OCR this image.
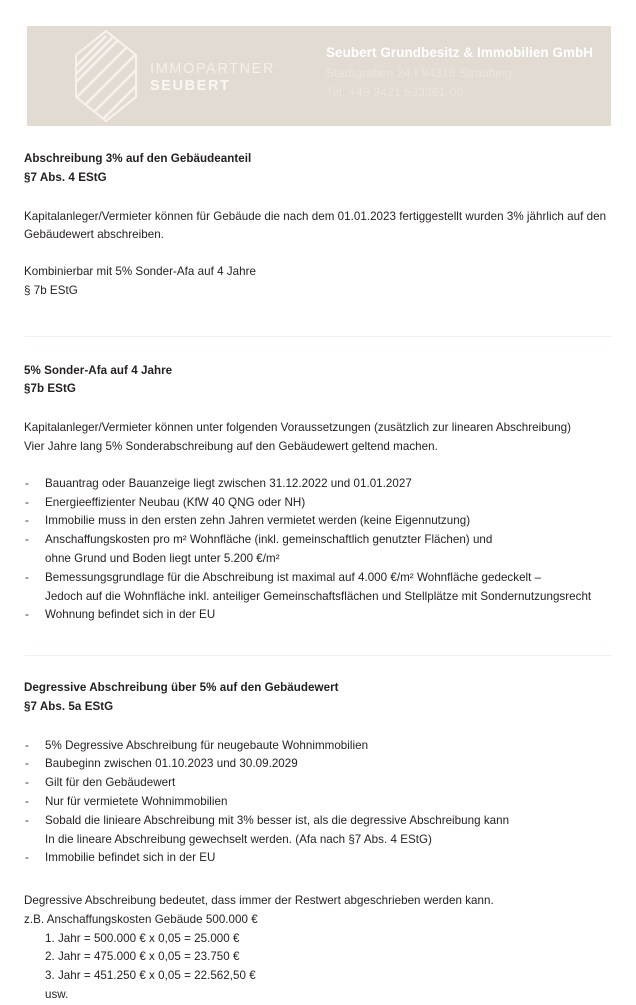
IMMOPARTNER
SEUBERT
Seubert Grundbesitz & Immobilien GmbH
Stadtgraben 24 I 94315 Straubing
Tel. +49 9421 533361-00
Abschreibung 3% auf den Gebäudeanteil
§7 Abs. 4 EStG

Kapitalanleger/Vermieter können für Gebäude die nach dem 01.01.2023 fertiggestellt wurden 3% jährlich auf den Gebäudewert abschreiben.

Kombinierbar mit 5% Sonder-Afa auf 4 Jahre

§ 7b EStG

5% Sonder-Afa auf 4 Jahre
§7b EStG

Kapitalanleger/Vermieter können unter folgenden Voraussetzungen (zusätzlich zur linearen Abschreibung)

Vier Jahre lang 5% Sonderabschreibung auf den Gebäudewert geltend machen.

- Bauantrag oder Bauanzeige liegt zwischen 31.12.2022 und 01.01.2027
- Energieeffizienter Neubau (KfW 40 QNG oder NH)
- Immobilie muss in den ersten zehn Jahren vermietet werden (keine Eigennutzung)
- Anschaffungskosten pro m² Wohnfläche (inkl. gemeinschaftlich genutzter Flächen) und
ohne Grund und Boden liegt unter 5.200 €/m²
- Bemessungsgrundlage für die Abschreibung ist maximal auf 4.000 €/m² Wohnfläche gedeckelt –
Jedoch auf die Wohnfläche inkl. anteiliger Gemeinschaftsflächen und Stellplätze mit Sondernutzungsrecht
- Wohnung befindet sich in der EU
Degressive Abschreibung über 5% auf den Gebäudewert
§7 Abs. 5a EStG
- 5% Degressive Abschreibung für neugebaute Wohnimmobilien
- Baubeginn zwischen 01.10.2023 und 30.09.2029
- Gilt für den Gebäudewert
- Nur für vermietete Wohnimmobilien
- Sobald die linieare Abschreibung mit 3% besser ist, als die degressive Abschreibung kann
In die lineare Abschreibung gewechselt werden. (Afa nach §7 Abs. 4 EStG)
- Immobilie befindet sich in der EU

Degressive Abschreibung bedeutet, dass immer der Restwert abgeschrieben werden kann.

z.B. Anschaffungskosten Gebäude 500.000 €

1. Jahr = 500.000 € x 0,05 = 25.000 €
2. Jahr = 475.000 € x 0,05 = 23.750 €
3. Jahr = 451.250 € x 0,05 = 22.562,50 €
usw.
